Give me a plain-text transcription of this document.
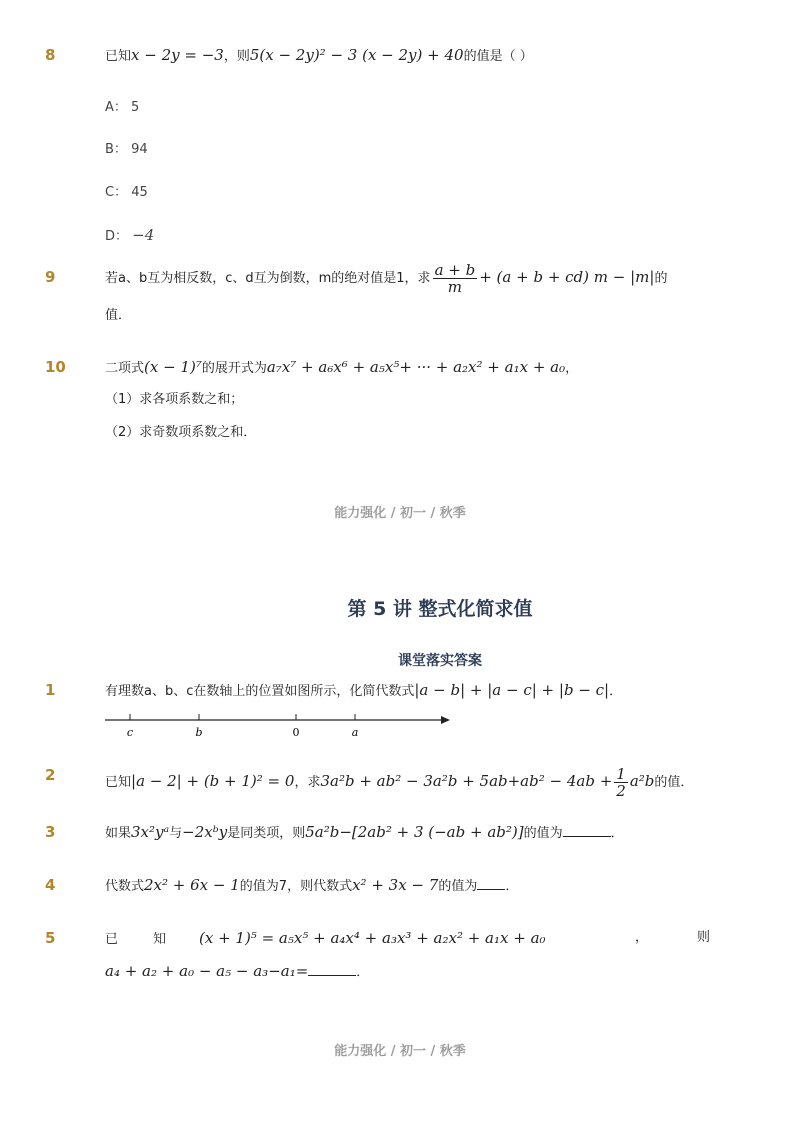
8	已知x − 2y = −3，则5(x − 2y)² − 3 (x − 2y) + 40的值是（ ）
A： 5
B： 94
C： 45
D： −4
9	若a、b互为相反数，c、d互为倒数，m的绝对值是1，求 $\frac{a + b}{m} + (a + b + cd) m - |m|$的
值．
10	二项式(x − 1)⁷的展开式为a₇x⁷ + a₆x⁶ + a₅x⁵+ ··· + a₂x² + a₁x + a₀，
（1）求各项系数之和；
（2）求奇数项系数之和．
能力强化 / 初一 / 秋季
第 5 讲 整式化简求值
课堂落实答案
1	有理数a、b、c在数轴上的位置如图所示，化简代数式|a − b| + |a − c| + |b − c|．
c	b	0	a
2	已知|a − 2| + (b + 1)² = 0，求$3a^2b + ab^2 - 3a^2b + 5ab+ab^2 - 4ab + \frac{1}{2} a^2b$的值．
3	如果3x²yᵃ与−2xᵇy是同类项，则5a²b−[2ab² + 3 (−ab + ab²)]的值为	．
4	代数式2x² + 6x − 1的值为7，则代数式x² + 3x − 7的值为 ．
5	已	知 (x + 1)⁵ = a₅x⁵ + a₄x⁴ + a₃x³ + a₂x² + a₁x + a₀	，	则
a₄ + a₂ + a₀ − a₅ − a₃−a₁=	．
能力强化 / 初一 / 秋季
